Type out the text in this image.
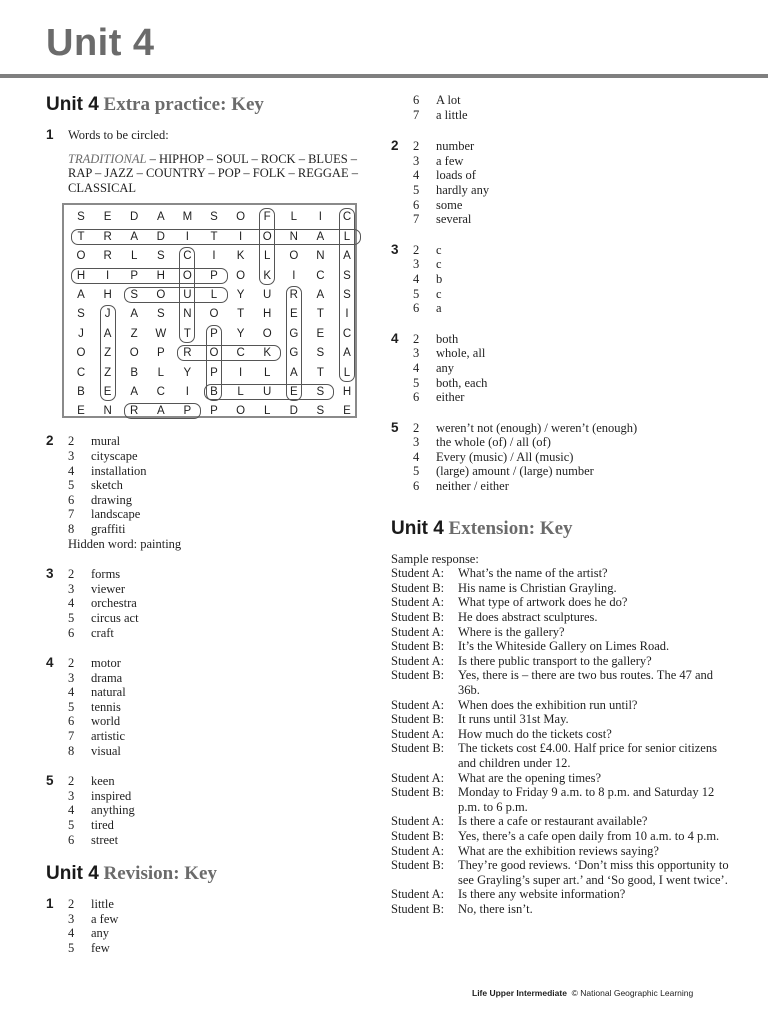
Unit 4
Unit 4 Extra practice: Key
1 Words to be circled:
TRADITIONAL – HIPHOP – SOUL – ROCK – BLUES – RAP – JAZZ – COUNTRY – POP – FOLK – REGGAE – CLASSICAL
S	E	D	A	M	S	O	F	L	I	C
T	R	A	D	I	T	I	O	N	A	L
O	R	L	S	C	I	K	L	O	N	A
H	I	P	H	O	P	O	K	I	C	S
A	H	S	O	U	L	Y	U	R	A	S
S	J	A	S	N	O	T	H	E	T	I
J	A	Z	W	T	P	Y	O	G	E	C
O	Z	O	P	R	O	C	K	G	S	A
C	Z	B	L	Y	P	I	L	A	T	L
B	E	A	C	I	B	L	U	E	S	H
E	N	R	A	P	P	O	L	D	S	E
2 2	mural
3	cityscape
4	installation
5	sketch
6	drawing
7	landscape
8	graffiti
Hidden word: painting
3 2	forms
3	viewer
4	orchestra
5	circus act
6	craft
4 2	motor
3	drama
4	natural
5	tennis
6	world
7	artistic
8	visual
5 2	keen
3	inspired
4	anything
5	tired
6	street
Unit 4 Revision: Key
1 2	little
3	a few
4	any
5	few
6	A lot
7	a little
2 2	number
3	a few
4	loads of
5	hardly any
6	some
7	several
3 2	c
3	c
4	b
5	c
6	a
4 2	both
3	whole, all
4	any
5	both, each
6	either
5 2	weren’t not (enough) / weren’t (enough)
3	the whole (of) / all (of)
4	Every (music) / All (music)
5	(large) amount / (large) number
6	neither / either
Unit 4 Extension: Key
Sample response:
Student A:	What’s the name of the artist?
Student B:	His name is Christian Grayling.
Student A:	What type of artwork does he do?
Student B:	He does abstract sculptures.
Student A:	Where is the gallery?
Student B:	It’s the Whiteside Gallery on Limes Road.
Student A:	Is there public transport to the gallery?
Student B:	Yes, there is – there are two bus routes. The 47 and 36b.
Student A:	When does the exhibition run until?
Student B:	It runs until 31st May.
Student A:	How much do the tickets cost?
Student B:	The tickets cost £4.00. Half price for senior citizens and children under 12.
Student A:	What are the opening times?
Student B:	Monday to Friday 9 a.m. to 8 p.m. and Saturday 12 p.m. to 6 p.m.
Student A:	Is there a cafe or restaurant available?
Student B:	Yes, there’s a cafe open daily from 10 a.m. to 4 p.m.
Student A:	What are the exhibition reviews saying?
Student B:	They’re good reviews. ‘Don’t miss this opportunity to see Grayling’s super art.’ and ‘So good, I went twice’.
Student A:	Is there any website information?
Student B:	No, there isn’t.
Life Upper Intermediate © National Geographic Learning
